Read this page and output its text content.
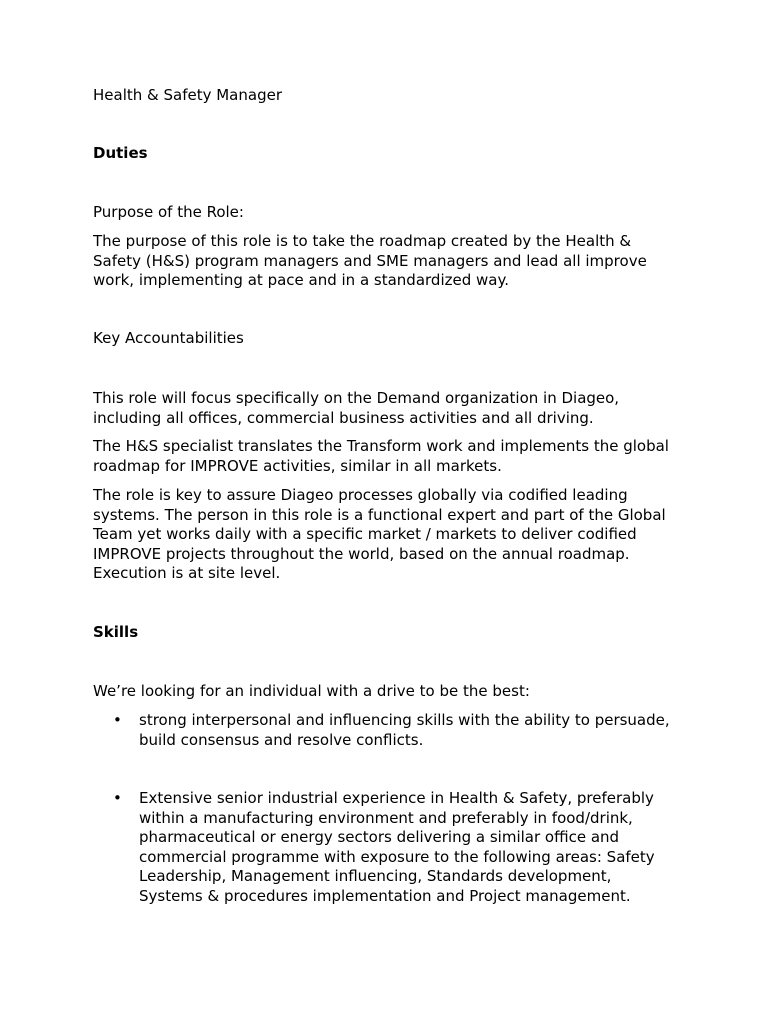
Health & Safety Manager

Duties

Purpose of the Role:

The purpose of this role is to take the roadmap created by the Health & Safety (H&S) program managers and SME managers and lead all improve work, implementing at pace and in a standardized way.

Key Accountabilities

This role will focus specifically on the Demand organization in Diageo, including all offices, commercial business activities and all driving.

The H&S specialist translates the Transform work and implements the global roadmap for IMPROVE activities, similar in all markets.

The role is key to assure Diageo processes globally via codified leading systems. The person in this role is a functional expert and part of the Global Team yet works daily with a specific market / markets to deliver codified IMPROVE projects throughout the world, based on the annual roadmap. Execution is at site level.

Skills

We’re looking for an individual with a drive to be the best:

• strong interpersonal and influencing skills with the ability to persuade, build consensus and resolve conflicts.

• Extensive senior industrial experience in Health & Safety, preferably within a manufacturing environment and preferably in food/drink, pharmaceutical or energy sectors delivering a similar office and commercial programme with exposure to the following areas: Safety Leadership, Management influencing, Standards development, Systems & procedures implementation and Project management.
